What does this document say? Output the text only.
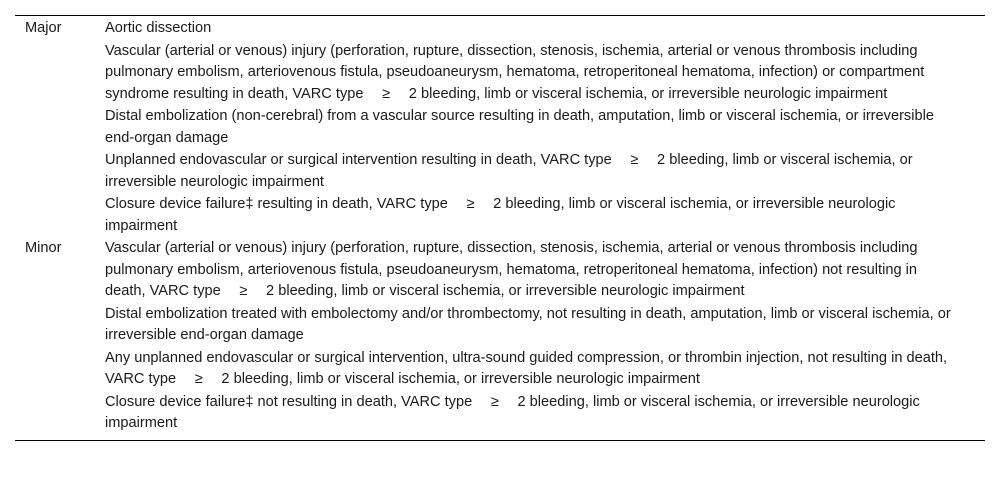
Major	Aortic dissection
Vascular (arterial or venous) injury (perforation, rupture, dissection, stenosis, ischemia, arterial or venous thrombosis including pulmonary embolism, arteriovenous fistula, pseudoaneurysm, hematoma, retroperitoneal hematoma, infection) or compartment syndrome resulting in death, VARC type  ≥  2 bleeding, limb or visceral ischemia, or irreversible neurologic impairment
Distal embolization (non-cerebral) from a vascular source resulting in death, amputation, limb or visceral ischemia, or irreversible end-organ damage
Unplanned endovascular or surgical intervention resulting in death, VARC type  ≥  2 bleeding, limb or visceral ischemia, or irreversible neurologic impairment
Closure device failure‡ resulting in death, VARC type  ≥  2 bleeding, limb or visceral ischemia, or irreversible neurologic impairment

Minor	Vascular (arterial or venous) injury (perforation, rupture, dissection, stenosis, ischemia, arterial or venous thrombosis including pulmonary embolism, arteriovenous fistula, pseudoaneurysm, hematoma, retroperitoneal hematoma, infection) not resulting in death, VARC type  ≥  2 bleeding, limb or visceral ischemia, or irreversible neurologic impairment
Distal embolization treated with embolectomy and/or thrombectomy, not resulting in death, amputation, limb or visceral ischemia, or irreversible end-organ damage
Any unplanned endovascular or surgical intervention, ultra-sound guided compression, or thrombin injection, not resulting in death, VARC type  ≥  2 bleeding, limb or visceral ischemia, or irreversible neurologic impairment
Closure device failure‡ not resulting in death, VARC type  ≥  2 bleeding, limb or visceral ischemia, or irreversible neurologic impairment
